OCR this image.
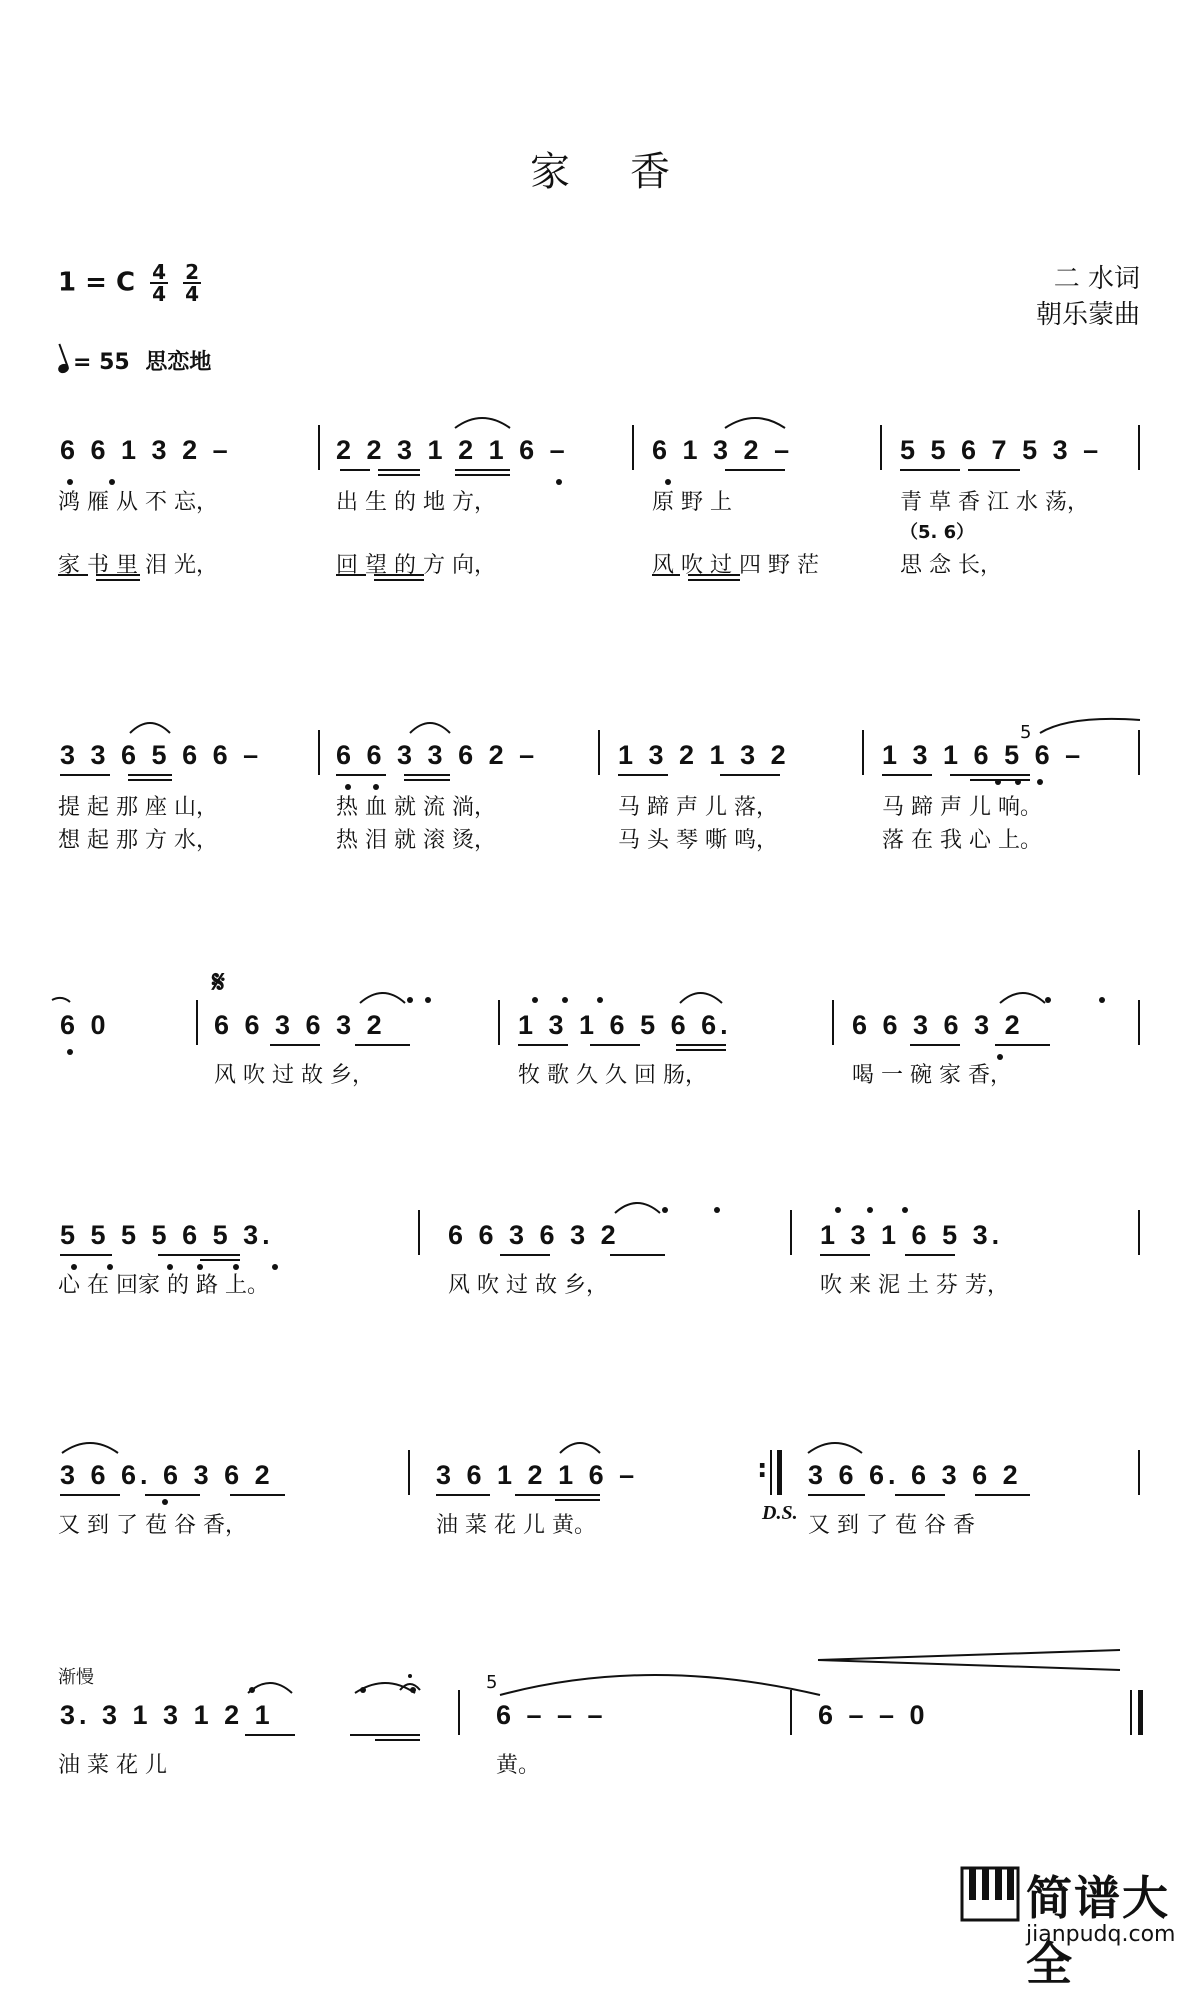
家香
1 = C $\frac{4}{4} \frac{2}{4}$	二 水词
朝乐蒙曲
= 55 思恋地
6 6 1 3 2 –	2 2 3 1 2 1 6 –	6 1 3 2 –	5 5 6 7 5 3 –
鸿 雁 从 不 忘，	出 生 的 地 方，	原 野 上	青 草 香 江 水 荡，
（5. 6）
家 书 里 泪 光，	回 望 的 方 向，	风 吹 过 四 野 茫	思 念 长，
3 3 6 5 6 6 –	6 6 3 3 6 2 –	1 3 2 1 3 2
5
1 3 1 6 5 6 –
提 起 那 座 山，	热 血 就 流 淌，	马 蹄 声 儿 落，	马 蹄 声 儿 响。
想 起 那 方 水，	热 泪 就 滚 烫，	马 头 琴 嘶 鸣，	落 在 我 心 上。
𝄋
6 0	6 6 3 6 3 2	1 3 1 6 5 6 6.	6 6 3 6 3 2
风 吹 过 故 乡，	牧 歌 久 久 回 肠，	喝 一 碗 家 香，
5 5 5 5 6 5 3.	6 6 3 6 3 2	1 3 1 6 5 3.
心 在 回家 的 路 上。	风 吹 过 故 乡，	吹 来 泥 土 芬 芳，
3 6 6. 6 3 6 2	3 6 1 2 1 6 –	: 3 6 6. 6 3 6 2
又 到 了 苞 谷 香，	油 菜 花 儿 黄。	D.S. 又 到 了 苞 谷 香
渐慢
3. 3 1 3 1 2 1
5
6 – – –	6 – – 0
油 菜 花 儿	黄。
简谱大全
jianpudq.com
